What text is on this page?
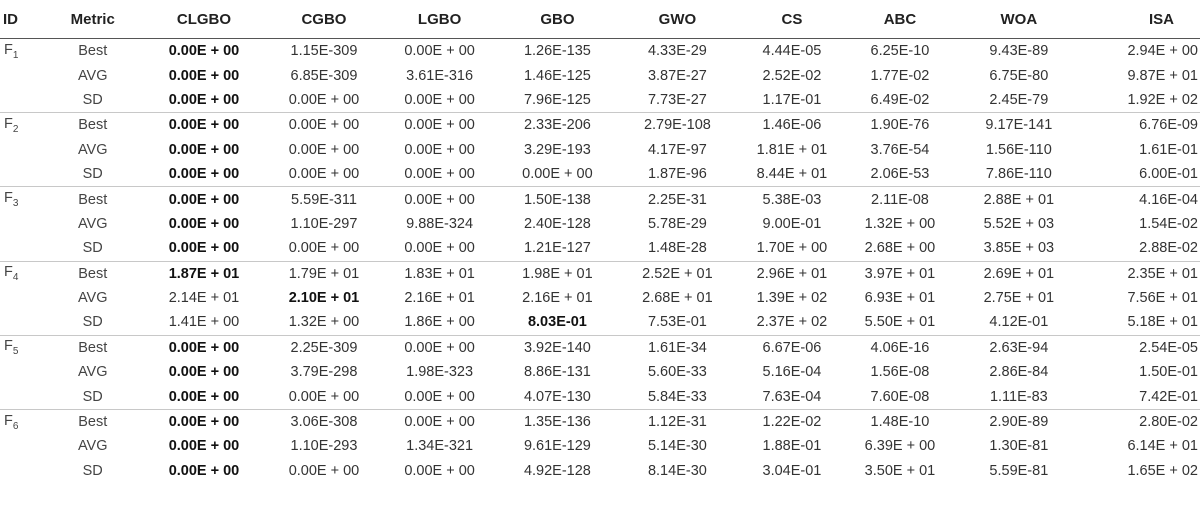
ID	Metric	CLGBO	CGBO	LGBO	GBO	GWO	CS	ABC	WOA	ISA
$F_1$	Best	0.00E + 00	1.15E-309	0.00E + 00	1.26E-135	4.33E-29	4.44E-05	6.25E-10	9.43E-89	2.94E + 00
	AVG	0.00E + 00	6.85E-309	3.61E-316	1.46E-125	3.87E-27	2.52E-02	1.77E-02	6.75E-80	9.87E + 01
	SD	0.00E + 00	0.00E + 00	0.00E + 00	7.96E-125	7.73E-27	1.17E-01	6.49E-02	2.45E-79	1.92E + 02
$F_2$	Best	0.00E + 00	0.00E + 00	0.00E + 00	2.33E-206	2.79E-108	1.46E-06	1.90E-76	9.17E-141	6.76E-09
	AVG	0.00E + 00	0.00E + 00	0.00E + 00	3.29E-193	4.17E-97	1.81E + 01	3.76E-54	1.56E-110	1.61E-01
	SD	0.00E + 00	0.00E + 00	0.00E + 00	0.00E + 00	1.87E-96	8.44E + 01	2.06E-53	7.86E-110	6.00E-01
$F_3$	Best	0.00E + 00	5.59E-311	0.00E + 00	1.50E-138	2.25E-31	5.38E-03	2.11E-08	2.88E + 01	4.16E-04
	AVG	0.00E + 00	1.10E-297	9.88E-324	2.40E-128	5.78E-29	9.00E-01	1.32E + 00	5.52E + 03	1.54E-02
	SD	0.00E + 00	0.00E + 00	0.00E + 00	1.21E-127	1.48E-28	1.70E + 00	2.68E + 00	3.85E + 03	2.88E-02
$F_4$	Best	1.87E + 01	1.79E + 01	1.83E + 01	1.98E + 01	2.52E + 01	2.96E + 01	3.97E + 01	2.69E + 01	2.35E + 01
	AVG	2.14E + 01	2.10E + 01	2.16E + 01	2.16E + 01	2.68E + 01	1.39E + 02	6.93E + 01	2.75E + 01	7.56E + 01
	SD	1.41E + 00	1.32E + 00	1.86E + 00	8.03E-01	7.53E-01	2.37E + 02	5.50E + 01	4.12E-01	5.18E + 01
$F_5$	Best	0.00E + 00	2.25E-309	0.00E + 00	3.92E-140	1.61E-34	6.67E-06	4.06E-16	2.63E-94	2.54E-05
	AVG	0.00E + 00	3.79E-298	1.98E-323	8.86E-131	5.60E-33	5.16E-04	1.56E-08	2.86E-84	1.50E-01
	SD	0.00E + 00	0.00E + 00	0.00E + 00	4.07E-130	5.84E-33	7.63E-04	7.60E-08	1.11E-83	7.42E-01
$F_6$	Best	0.00E + 00	3.06E-308	0.00E + 00	1.35E-136	1.12E-31	1.22E-02	1.48E-10	2.90E-89	2.80E-02
	AVG	0.00E + 00	1.10E-293	1.34E-321	9.61E-129	5.14E-30	1.88E-01	6.39E + 00	1.30E-81	6.14E + 01
	SD	0.00E + 00	0.00E + 00	0.00E + 00	4.92E-128	8.14E-30	3.04E-01	3.50E + 01	5.59E-81	1.65E + 02
